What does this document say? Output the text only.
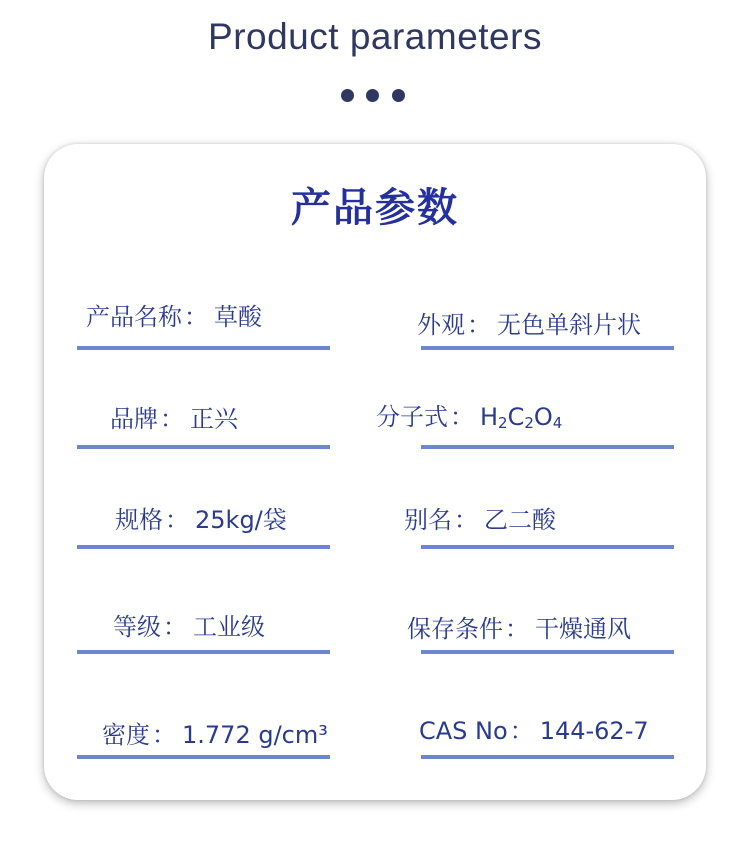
Product parameters
产品参数
产品名称： 草酸
品牌： 正兴
规格： 25kg/袋
等级： 工业级
密度： 1.772 g/cm³
外观： 无色单斜片状
分子式： $H_2C_2O_4$
别名： 乙二酸
保存条件： 干燥通风
CAS No： 144-62-7
